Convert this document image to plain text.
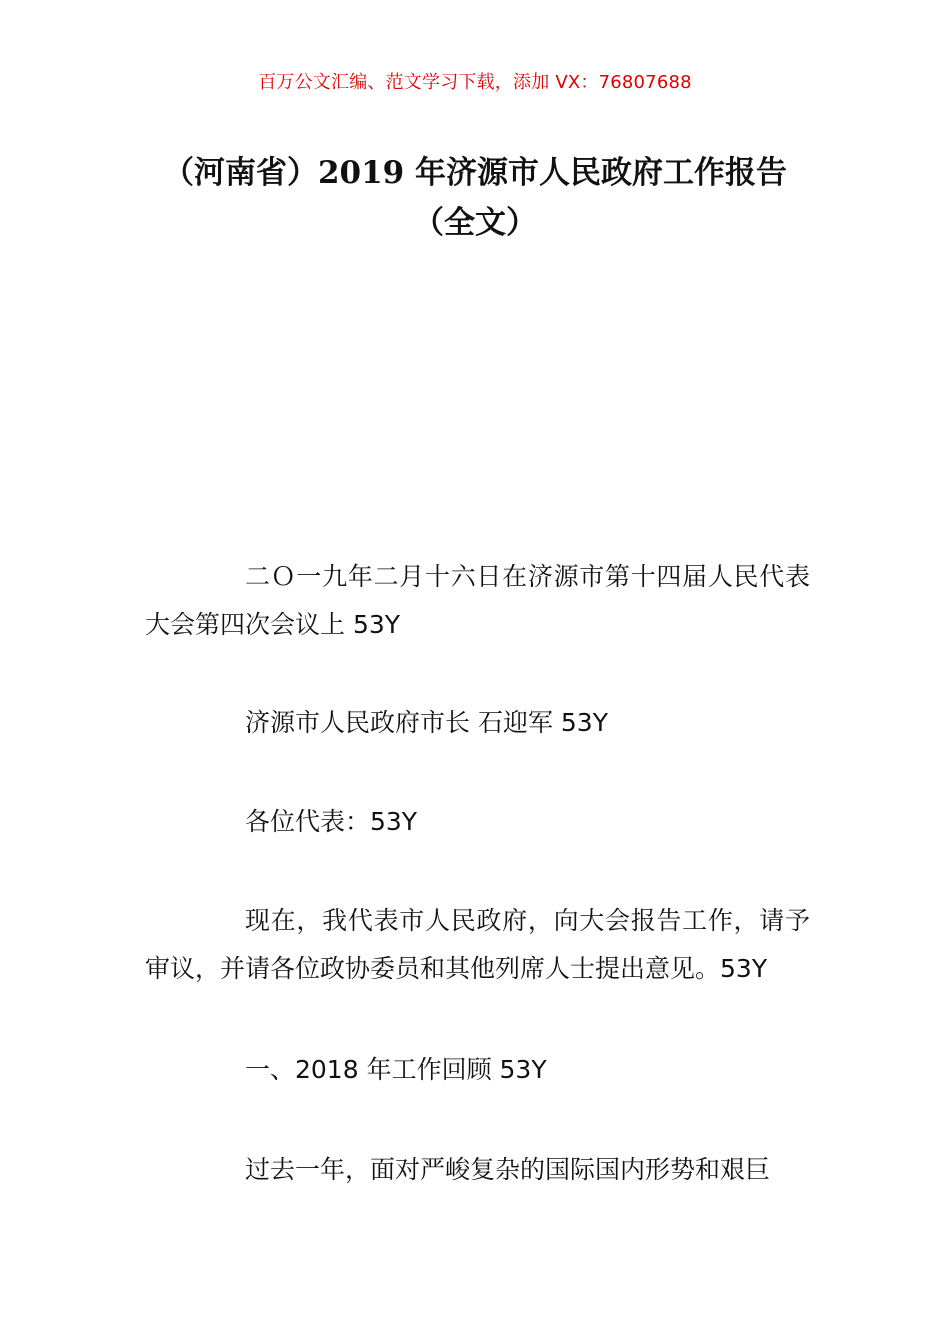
百万公文汇编、范文学习下载，添加 VX：76807688
（河南省）2019 年济源市人民政府工作报告（全文）
二Ｏ一九年二月十六日在济源市第十四届人民代表大会第四次会议上 53Y
济源市人民政府市长 石迎军 53Y
各位代表：53Y
现在，我代表市人民政府，向大会报告工作，请予审议，并请各位政协委员和其他列席人士提出意见。53Y
一、2018 年工作回顾 53Y
过去一年，面对严峻复杂的国际国内形势和艰巨
